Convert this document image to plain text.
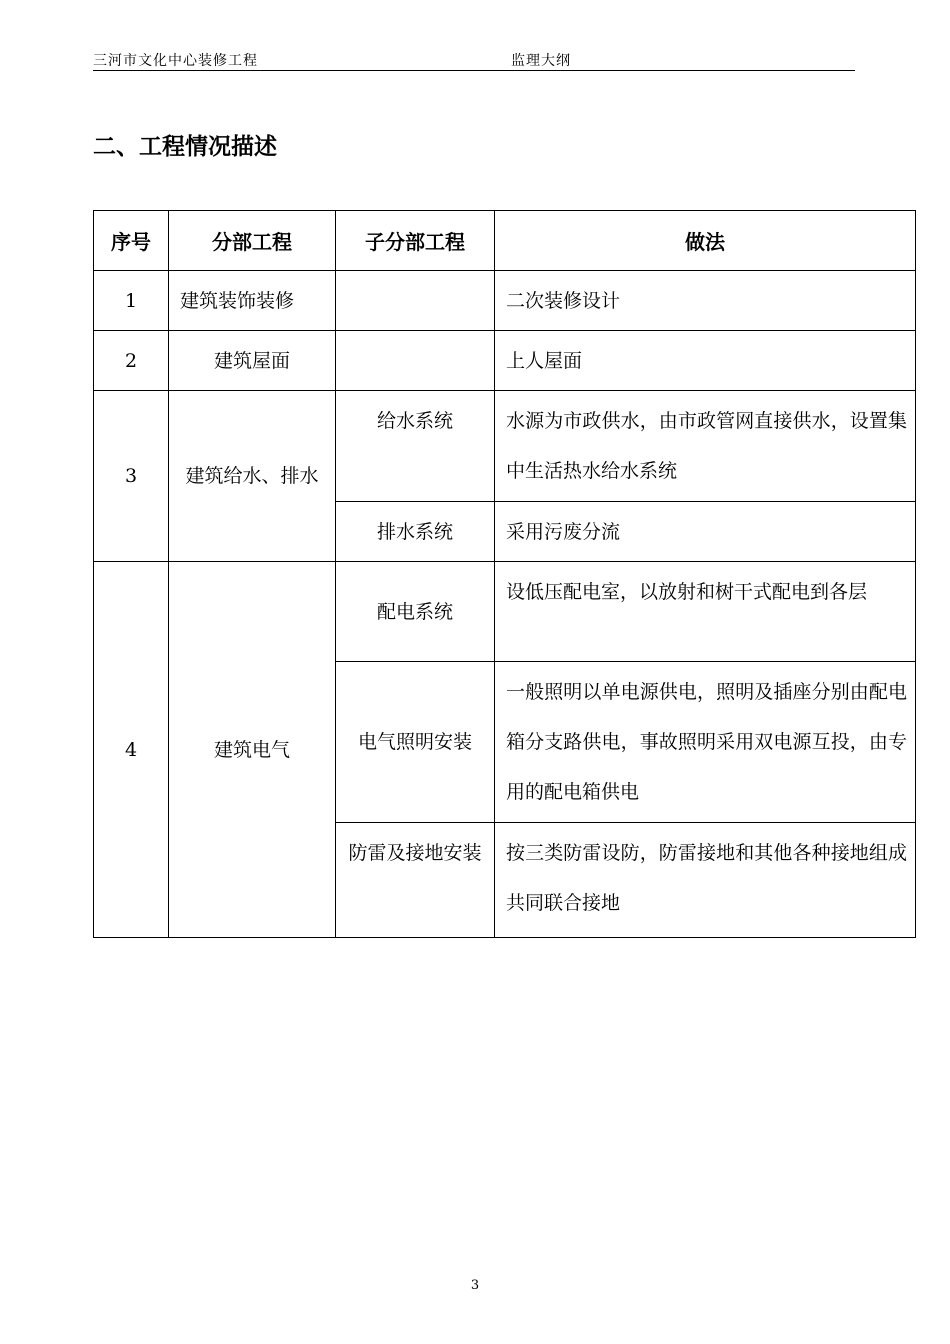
三河市文化中心装修工程	监理大纲
二、工程情况描述
序号	分部工程	子分部工程	做法
1	建筑装饰装修		二次装修设计
2	建筑屋面		上人屋面
3	建筑给水、排水	给水系统	水源为市政供水，由市政管网直接供水，设置集中生活热水给水系统
		排水系统	采用污废分流
4	建筑电气	配电系统	设低压配电室，以放射和树干式配电到各层
		电气照明安装	一般照明以单电源供电，照明及插座分别由配电箱分支路供电，事故照明采用双电源互投，由专用的配电箱供电
		防雷及接地安装	按三类防雷设防，防雷接地和其他各种接地组成共同联合接地
3
